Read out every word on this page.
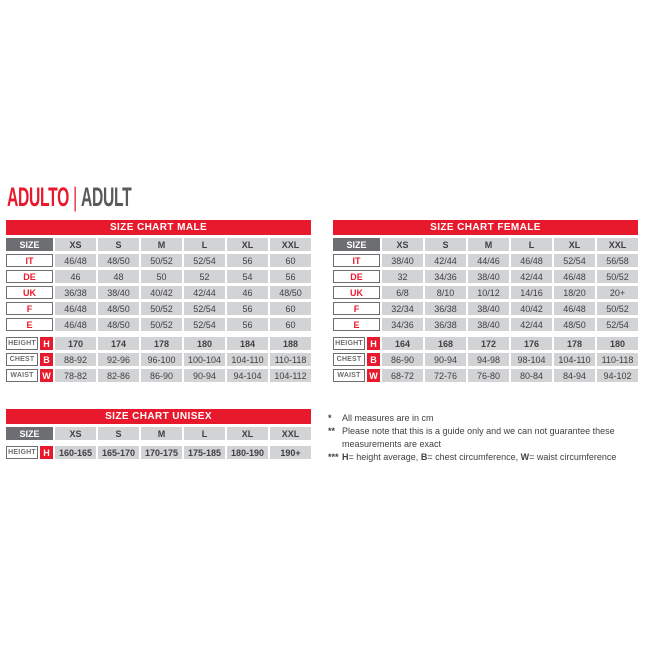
ADULTO | ADULT
SIZE CHART MALE
SIZE	XS	S	M	L	XL	XXL
IT	46/48	48/50	50/52	52/54	56	60
DE	46	48	50	52	54	56
UK	36/38	38/40	40/42	42/44	46	48/50
F	46/48	48/50	50/52	52/54	56	60
E	46/48	48/50	50/52	52/54	56	60
HEIGHT H	170	174	178	180	184	188
CHEST B	88-92	92-96	96-100	100-104	104-110	110-118
WAIST W	78-82	82-86	86-90	90-94	94-104	104-112
SIZE CHART FEMALE
SIZE	XS	S	M	L	XL	XXL
IT	38/40	42/44	44/46	46/48	52/54	56/58
DE	32	34/36	38/40	42/44	46/48	50/52
UK	6/8	8/10	10/12	14/16	18/20	20+
F	32/34	36/38	38/40	40/42	46/48	50/52
E	34/36	36/38	38/40	42/44	48/50	52/54
HEIGHT H	164	168	172	176	178	180
CHEST B	86-90	90-94	94-98	98-104	104-110	110-118
WAIST W	68-72	72-76	76-80	80-84	84-94	94-102
SIZE CHART UNISEX
SIZE	XS	S	M	L	XL	XXL
HEIGHT H	160-165	165-170	170-175	175-185	180-190	190+
*	All measures are in cm
** Please note that this is a guide only and we can not guarantee these measurements are exact
*** H= height average, B= chest circumference, W= waist circumference
